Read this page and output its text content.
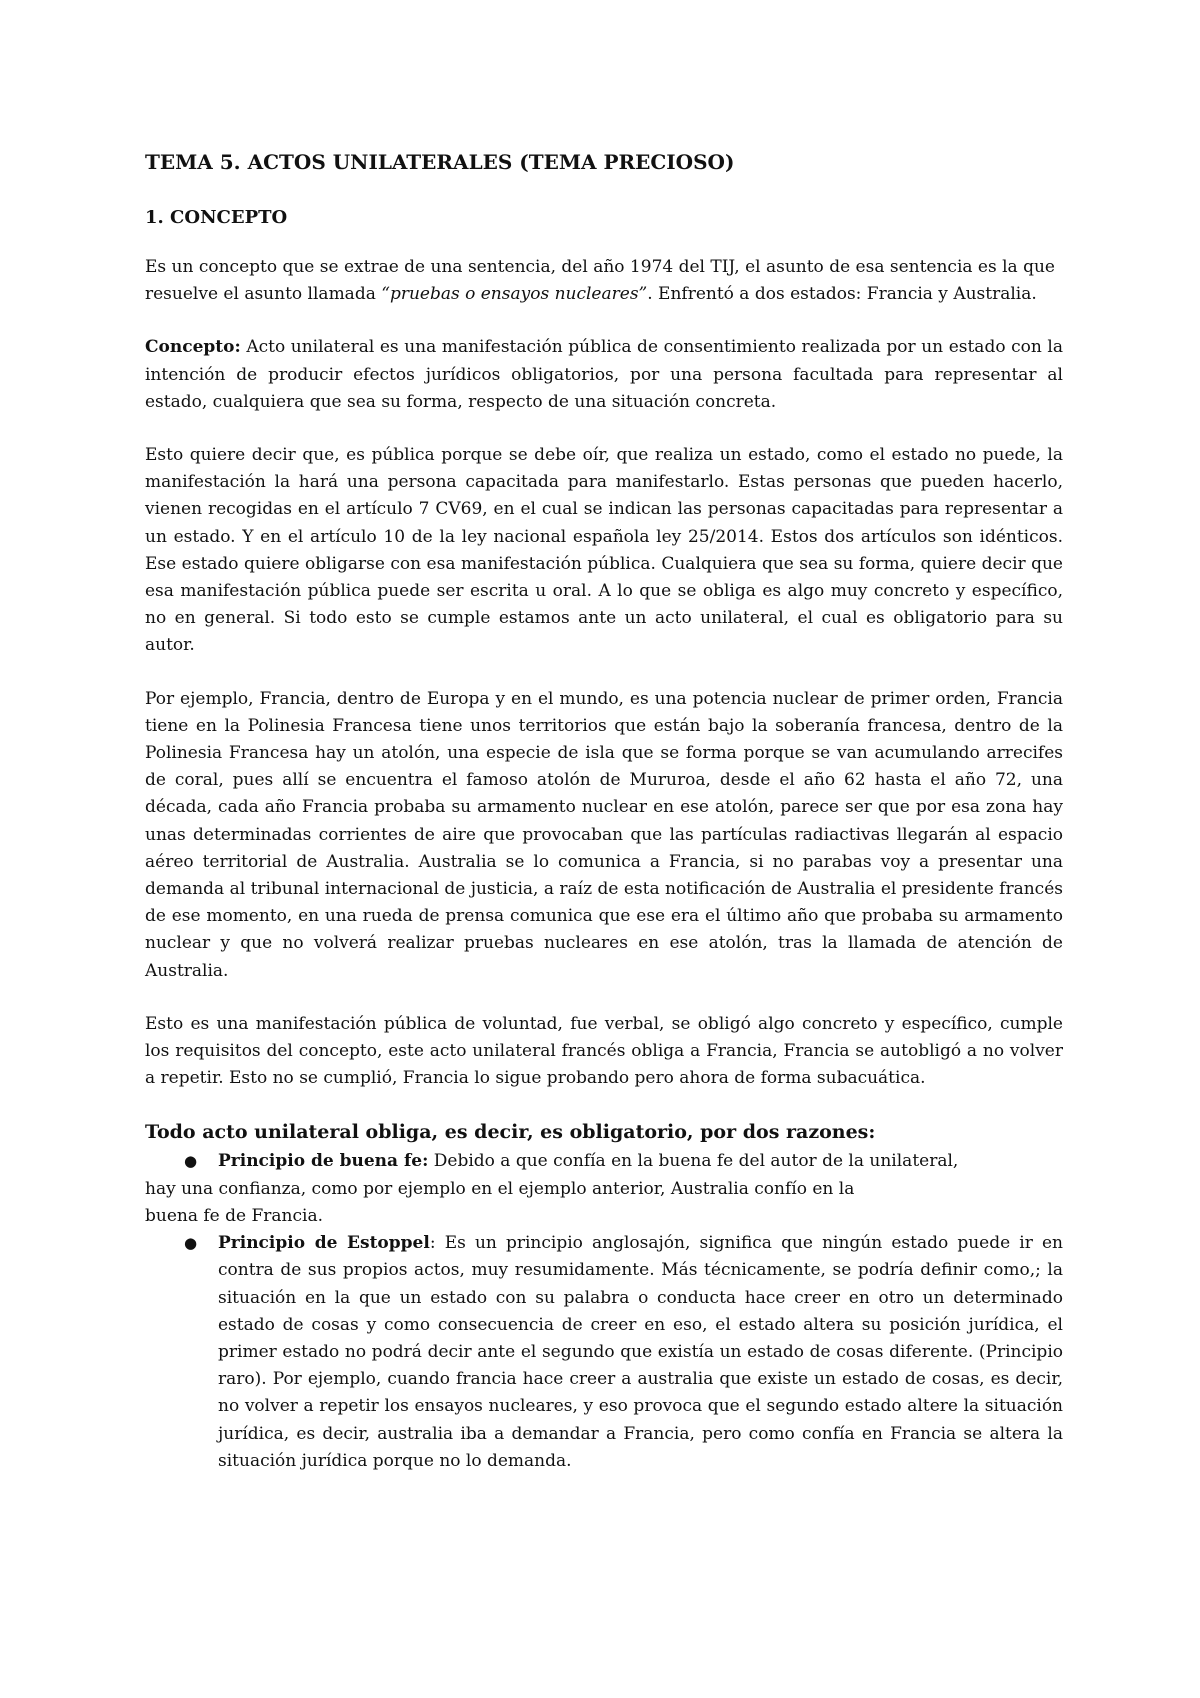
TEMA 5. ACTOS UNILATERALES (TEMA PRECIOSO)
1. CONCEPTO

Es un concepto que se extrae de una sentencia, del año 1974 del TIJ, el asunto de esa sentencia es la que resuelve el asunto llamada “pruebas o ensayos nucleares”. Enfrentó a dos estados: Francia y Australia.

Concepto: Acto unilateral es una manifestación pública de consentimiento realizada por un estado con la intención de producir efectos jurídicos obligatorios, por una persona facultada para representar al estado, cualquiera que sea su forma, respecto de una situación concreta.

Esto quiere decir que, es pública porque se debe oír, que realiza un estado, como el estado no puede, la manifestación la hará una persona capacitada para manifestarlo. Estas personas que pueden hacerlo, vienen recogidas en el artículo 7 CV69, en el cual se indican las personas capacitadas para representar a un estado. Y en el artículo 10 de la ley nacional española ley 25/2014. Estos dos artículos son idénticos. Ese estado quiere obligarse con esa manifestación pública. Cualquiera que sea su forma, quiere decir que esa manifestación pública puede ser escrita u oral. A lo que se obliga es algo muy concreto y específico, no en general. Si todo esto se cumple estamos ante un acto unilateral, el cual es obligatorio para su autor.

Por ejemplo, Francia, dentro de Europa y en el mundo, es una potencia nuclear de primer orden, Francia tiene en la Polinesia Francesa tiene unos territorios que están bajo la soberanía francesa, dentro de la Polinesia Francesa hay un atolón, una especie de isla que se forma porque se van acumulando arrecifes de coral, pues allí se encuentra el famoso atolón de Mururoa, desde el año 62 hasta el año 72, una década, cada año Francia probaba su armamento nuclear en ese atolón, parece ser que por esa zona hay unas determinadas corrientes de aire que provocaban que las partículas radiactivas llegarán al espacio aéreo territorial de Australia. Australia se lo comunica a Francia, si no parabas voy a presentar una demanda al tribunal internacional de justicia, a raíz de esta notificación de Australia el presidente francés de ese momento, en una rueda de prensa comunica que ese era el último año que probaba su armamento nuclear y que no volverá realizar pruebas nucleares en ese atolón, tras la llamada de atención de Australia.

Esto es una manifestación pública de voluntad, fue verbal, se obligó algo concreto y específico, cumple los requisitos del concepto, este acto unilateral francés obliga a Francia, Francia se autobligó a no volver a repetir. Esto no se cumplió, Francia lo sigue probando pero ahora de forma subacuática.

Todo acto unilateral obliga, es decir, es obligatorio, por dos razones:
●	Principio de buena fe: Debido a que confía en la buena fe del autor de la unilateral,
hay una confianza, como por ejemplo en el ejemplo anterior, Australia confío en la
buena fe de Francia.
● Principio de Estoppel: Es un principio anglosajón, significa que ningún estado puede ir en contra de sus propios actos, muy resumidamente. Más técnicamente, se podría definir como,; la situación en la que un estado con su palabra o conducta hace creer en otro un determinado estado de cosas y como consecuencia de creer en eso, el estado altera su posición jurídica, el primer estado no podrá decir ante el segundo que existía un estado de cosas diferente. (Principio raro). Por ejemplo, cuando francia hace creer a australia que existe un estado de cosas, es decir, no volver a repetir los ensayos nucleares, y eso provoca que el segundo estado altere la situación jurídica, es decir, australia iba a demandar a Francia, pero como confía en Francia se altera la situación jurídica porque no lo demanda.
